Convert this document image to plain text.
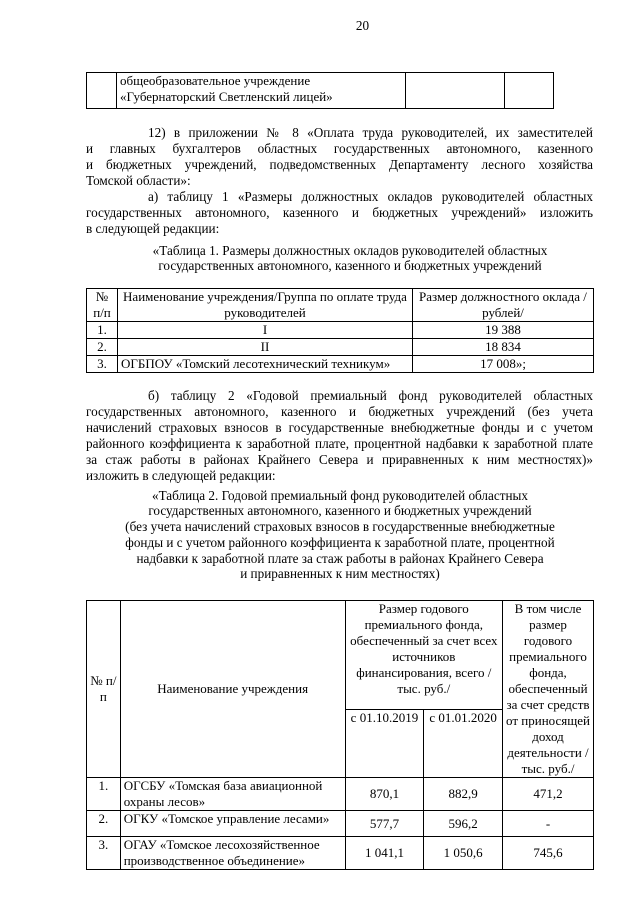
20

общеобразовательное учреждение
«Губернаторский Светленский лицей»

12) в приложении № 8 «Оплата труда руководителей, их заместителей
и главных бухгалтеров областных государственных автономного, казенного
и бюджетных учреждений, подведомственных Департаменту лесного хозяйства
Томской области»:
а) таблицу 1 «Размеры должностных окладов руководителей областных
государственных автономного, казенного и бюджетных учреждений» изложить
в следующей редакции:
«Таблица 1. Размеры должностных окладов руководителей областных
государственных автономного, казенного и бюджетных учреждений
№ п/п	Наименование учреждения/Группа по оплате труда руководителей	Размер должностного оклада /рублей/
1.	I	19 388
2.	II	18 834
3.	ОГБПОУ «Томский лесотехнический техникум»	17 008»;
б) таблицу 2 «Годовой премиальный фонд руководителей областных
государственных автономного, казенного и бюджетных учреждений (без учета
начислений страховых взносов в государственные внебюджетные фонды и с учетом
районного коэффициента к заработной плате, процентной надбавки к заработной плате
за стаж работы в районах Крайнего Севера и приравненных к ним местностях)»
изложить в следующей редакции:
«Таблица 2. Годовой премиальный фонд руководителей областных
государственных автономного, казенного и бюджетных учреждений
(без учета начислений страховых взносов в государственные внебюджетные
фонды и с учетом районного коэффициента к заработной плате, процентной
надбавки к заработной плате за стаж работы в районах Крайнего Севера
и приравненных к ним местностях)
№ п/п	Наименование учреждения	Размер годового премиального фонда, обеспеченный за счет всех источников финансирования, всего /тыс. руб./		В том числе размер годового премиального фонда, обеспеченный за счет средств от приносящей доход деятельности /тыс. руб./
		с 01.10.2019	с 01.01.2020	
1.	ОГСБУ «Томская база авиационной охраны лесов»	870,1	882,9	471,2
2.	ОГКУ «Томское управление лесами»	577,7	596,2	-
3.	ОГАУ «Томское лесохозяйственное производственное объединение»	1 041,1	1 050,6	745,6
